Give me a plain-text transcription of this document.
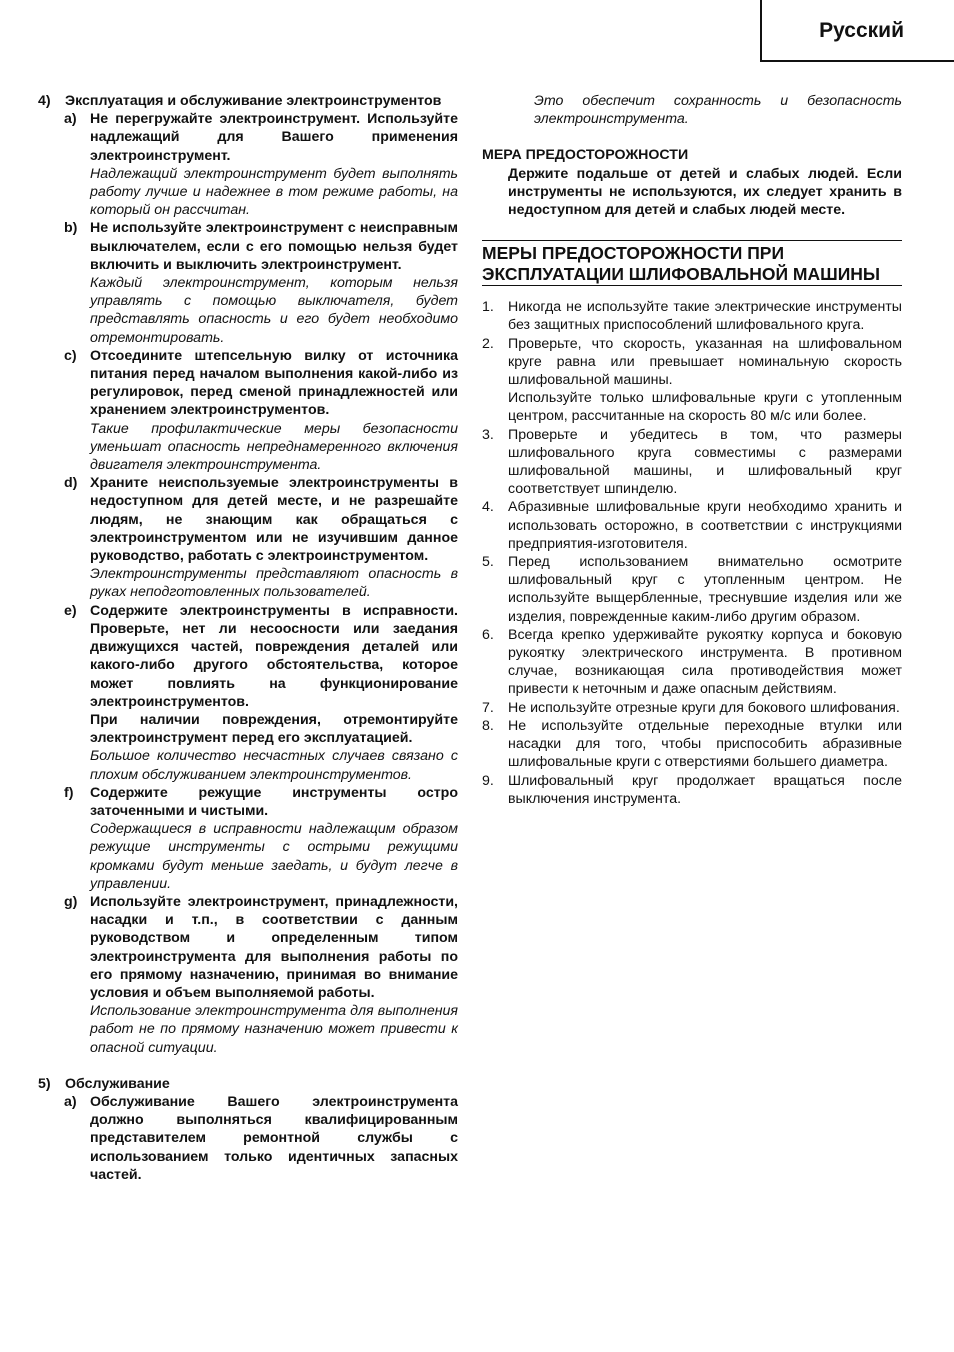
Русский
4) Эксплуатация и обслуживание электроинструментов
a) Не перегружайте электроинструмент. Используйте надлежащий для Вашего применения электроинструмент.
Надлежащий электроинструмент будет выполнять работу лучше и надежнее в том режиме работы, на который он рассчитан.
b) Не используйте электроинструмент с неисправным выключателем, если с его помощью нельзя будет включить и выключить электроинструмент.
Каждый электроинструмент, которым нельзя управлять с помощью выключателя, будет представлять опасность и его будет необходимо отремонтировать.
c) Отсоедините штепсельную вилку от источника питания перед началом выполнения какой-либо из регулировок, перед сменой принадлежностей или хранением электроинструментов.
Такие профилактические меры безопасности уменьшат опасность непреднамеренного включения двигателя электроинструмента.
d) Храните неиспользуемые электроинструменты в недоступном для детей месте, и не разрешайте людям, не знающим как обращаться с электроинструментом или не изучившим данное руководство, работать с электроинструментом.
Электроинструменты представляют опасность в руках неподготовленных пользователей.
e) Содержите электроинструменты в исправности. Проверьте, нет ли несоосности или заедания движущихся частей, повреждения деталей или какого-либо другого обстоятельства, которое может повлиять на функционирование электроинструментов.
При наличии повреждения, отремонтируйте электроинструмент перед его эксплуатацией.
Большое количество несчастных случаев связано с плохим обслуживанием электроинструментов.
f) Содержите режущие инструменты остро заточенными и чистыми.
Содержащиеся в исправности надлежащим образом режущие инструменты с острыми режущими кромками будут меньше заедать, и будут легче в управлении.
g) Используйте электроинструмент, принадлежности, насадки и т.п., в соответствии с данным руководством и определенным типом электроинструмента для выполнения работы по его прямому назначению, принимая во внимание условия и объем выполняемой работы.
Использование электроинструмента для выполнения работ не по прямому назначению может привести к опасной ситуации.
5) Обслуживание
a) Обслуживание Вашего электроинструмента должно выполняться квалифицированным представителем ремонтной службы с использованием только идентичных запасных частей.
Это обеспечит сохранность и безопасность электроинструмента.
МЕРА ПРЕДОСТОРОЖНОСТИ
Держите подальше от детей и слабых людей. Если инструменты не используются, их следует хранить в недоступном для детей и слабых людей месте.
МЕРЫ ПРЕДОСТОРОЖНОСТИ ПРИ ЭКСПЛУАТАЦИИ ШЛИФОВАЛЬНОЙ МАШИНЫ
1. Никогда не используйте такие электрические инструменты без защитных приспособлений шлифовального круга.
2. Проверьте, что скорость, указанная на шлифовальном круге равна или превышает номинальную скорость шлифовальной машины.
Используйте только шлифовальные круги с утопленным центром, рассчитанные на скорость 80 м/с или более.
3. Проверьте и убедитесь в том, что размеры шлифовального круга совместимы с размерами шлифовальной машины, и шлифовальный круг соответствует шпинделю.
4. Абразивные шлифовальные круги необходимо хранить и использовать осторожно, в соответствии с инструкциями предприятия-изготовителя.
5. Перед использованием внимательно осмотрите шлифовальный круг с утопленным центром. Не используйте выщербленные, треснувшие изделия или же изделия, поврежденные каким-либо другим образом.
6. Всегда крепко удерживайте рукоятку корпуса и боковую рукоятку электрического инструмента. В противном случае, возникающая сила противодействия может привести к неточным и даже опасным действиям.
7. Не используйте отрезные круги для бокового шлифования.
8. Не используйте отдельные переходные втулки или насадки для того, чтобы приспособить абразивные шлифовальные круги с отверстиями большего диаметра.
9. Шлифовальный круг продолжает вращаться после выключения инструмента.
